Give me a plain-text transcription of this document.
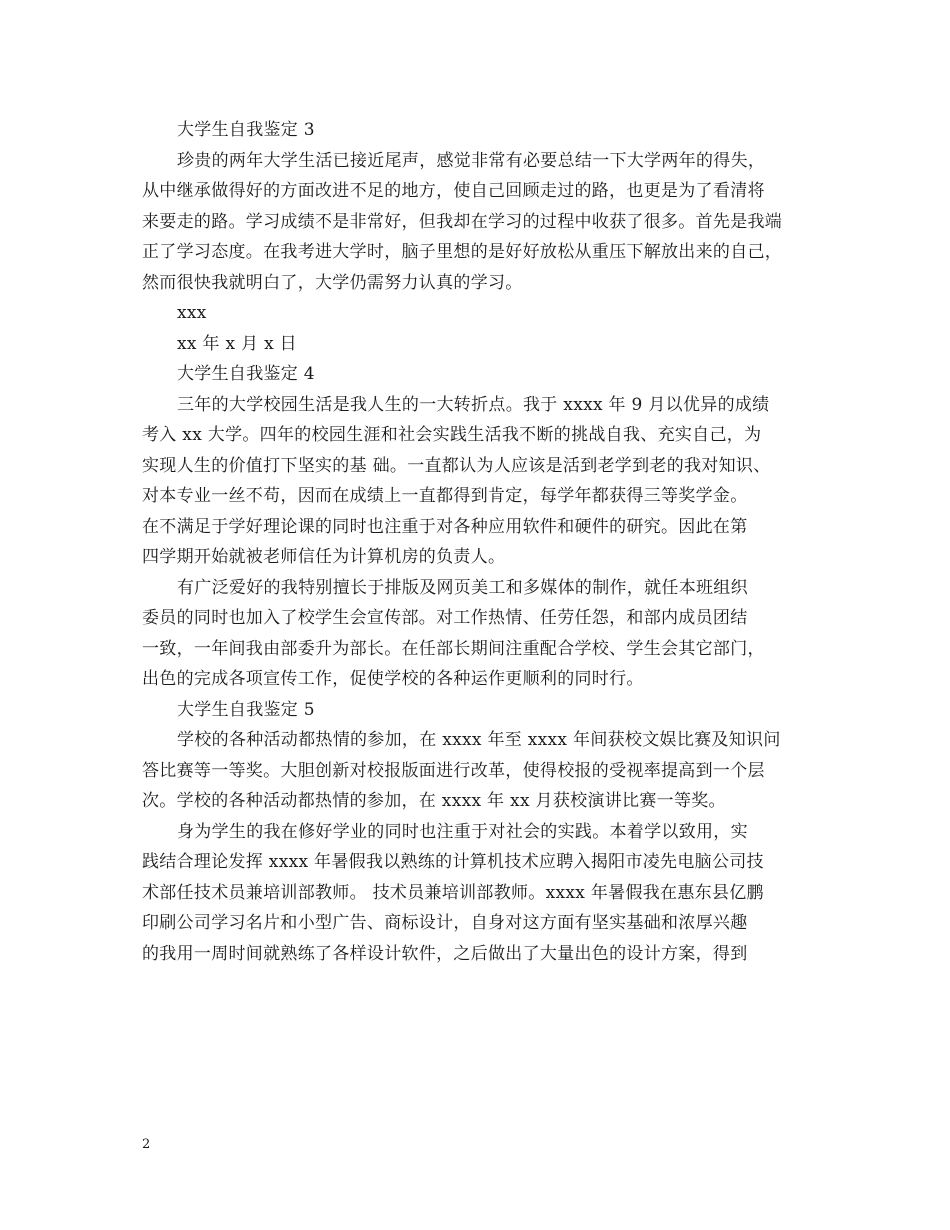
大学生自我鉴定 3
珍贵的两年大学生活已接近尾声，感觉非常有必要总结一下大学两年的得失，
从中继承做得好的方面改进不足的地方，使自己回顾走过的路，也更是为了看清将
来要走的路。学习成绩不是非常好，但我却在学习的过程中收获了很多。首先是我端
正了学习态度。在我考进大学时，脑子里想的是好好放松从重压下解放出来的自己，
然而很快我就明白了，大学仍需努力认真的学习。
xxx
xx 年 x 月 x 日
大学生自我鉴定 4
三年的大学校园生活是我人生的一大转折点。我于 xxxx 年 9 月以优异的成绩
考入 xx 大学。四年的校园生涯和社会实践生活我不断的挑战自我、充实自己，为
实现人生的价值打下坚实的基 础。一直都认为人应该是活到老学到老的我对知识、
对本专业一丝不苟，因而在成绩上一直都得到肯定，每学年都获得三等奖学金。
在不满足于学好理论课的同时也注重于对各种应用软件和硬件的研究。因此在第
四学期开始就被老师信任为计算机房的负责人。
有广泛爱好的我特别擅长于排版及网页美工和多媒体的制作，就任本班组织
委员的同时也加入了校学生会宣传部。对工作热情、任劳任怨，和部内成员团结
一致，一年间我由部委升为部长。在任部长期间注重配合学校、学生会其它部门，
出色的完成各项宣传工作，促使学校的各种运作更顺利的同时行。
大学生自我鉴定 5
学校的各种活动都热情的参加，在 xxxx 年至 xxxx 年间获校文娱比赛及知识问
答比赛等一等奖。大胆创新对校报版面进行改革，使得校报的受视率提高到一个层
次。学校的各种活动都热情的参加，在 xxxx 年 xx 月获校演讲比赛一等奖。
身为学生的我在修好学业的同时也注重于对社会的实践。本着学以致用，实
践结合理论发挥 xxxx 年暑假我以熟练的计算机技术应聘入揭阳市凌先电脑公司技
术部任技术员兼培训部教师。 技术员兼培训部教师。xxxx 年暑假我在惠东县亿鹏
印刷公司学习名片和小型广告、商标设计，自身对这方面有坚实基础和浓厚兴趣
的我用一周时间就熟练了各样设计软件，之后做出了大量出色的设计方案，得到
2
